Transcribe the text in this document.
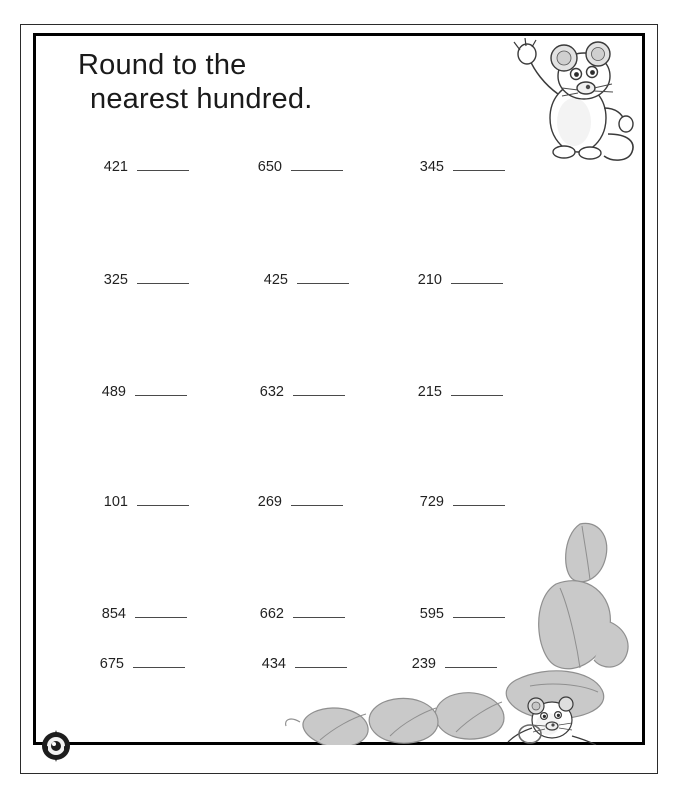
Round to the
nearest hundred.
421	650	345
325	425	210
489	632	215
101	269	729
854	662	595
675	434	239
